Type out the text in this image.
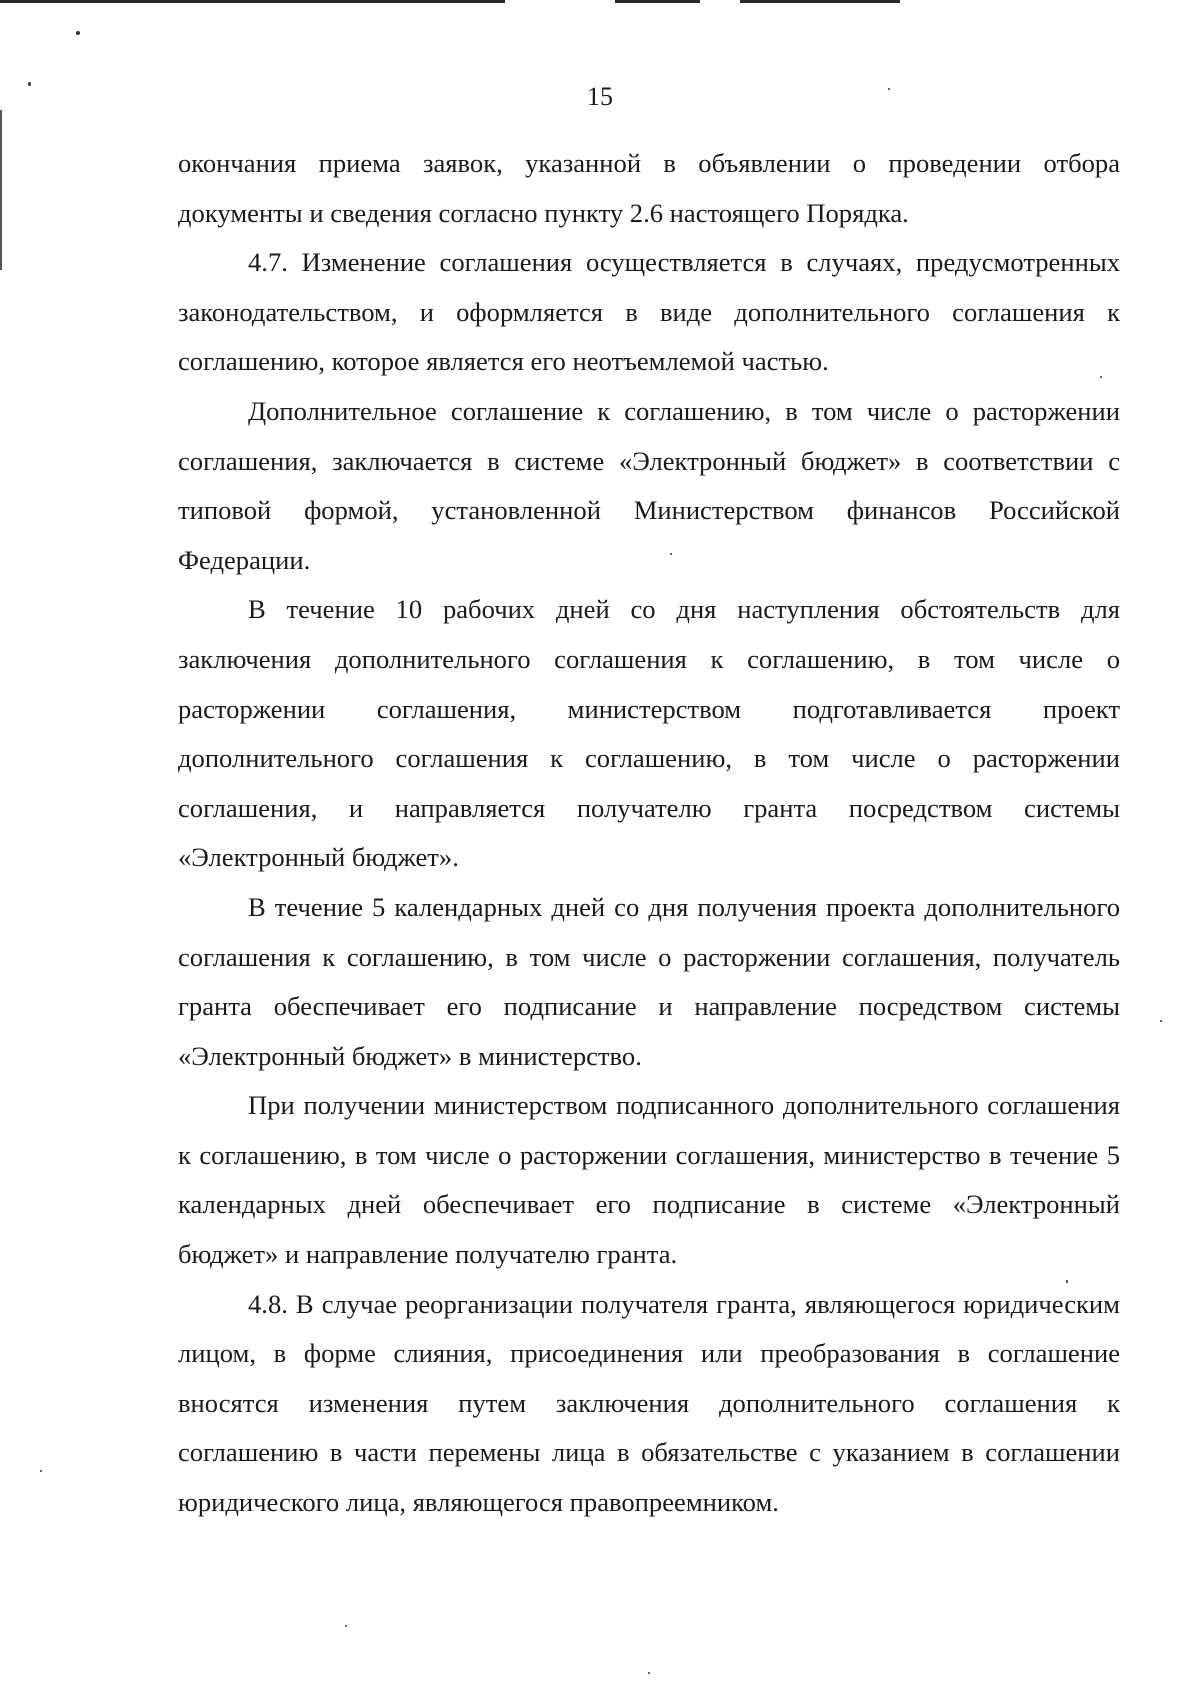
15

окончания приема заявок, указанной в объявлении о проведении отбора документы и сведения согласно пункту 2.6 настоящего Порядка.

4.7. Изменение соглашения осуществляется в случаях, предусмотренных законодательством, и оформляется в виде дополнительного соглашения к соглашению, которое является его неотъемлемой частью.

Дополнительное соглашение к соглашению, в том числе о расторжении соглашения, заключается в системе «Электронный бюджет» в соответствии с типовой формой, установленной Министерством финансов Российской Федерации.

В течение 10 рабочих дней со дня наступления обстоятельств для заключения дополнительного соглашения к соглашению, в том числе о расторжении соглашения, министерством подготавливается проект дополнительного соглашения к соглашению, в том числе о расторжении соглашения, и направляется получателю гранта посредством системы «Электронный бюджет».

В течение 5 календарных дней со дня получения проекта дополнительного соглашения к соглашению, в том числе о расторжении соглашения, получатель гранта обеспечивает его подписание и направление посредством системы «Электронный бюджет» в министерство.

При получении министерством подписанного дополнительного соглашения к соглашению, в том числе о расторжении соглашения, министерство в течение 5 календарных дней обеспечивает его подписание в системе «Электронный бюджет» и направление получателю гранта.

4.8. В случае реорганизации получателя гранта, являющегося юридическим лицом, в форме слияния, присоединения или преобразования в соглашение вносятся изменения путем заключения дополнительного соглашения к соглашению в части перемены лица в обязательстве с указанием в соглашении юридического лица, являющегося правопреемником.
